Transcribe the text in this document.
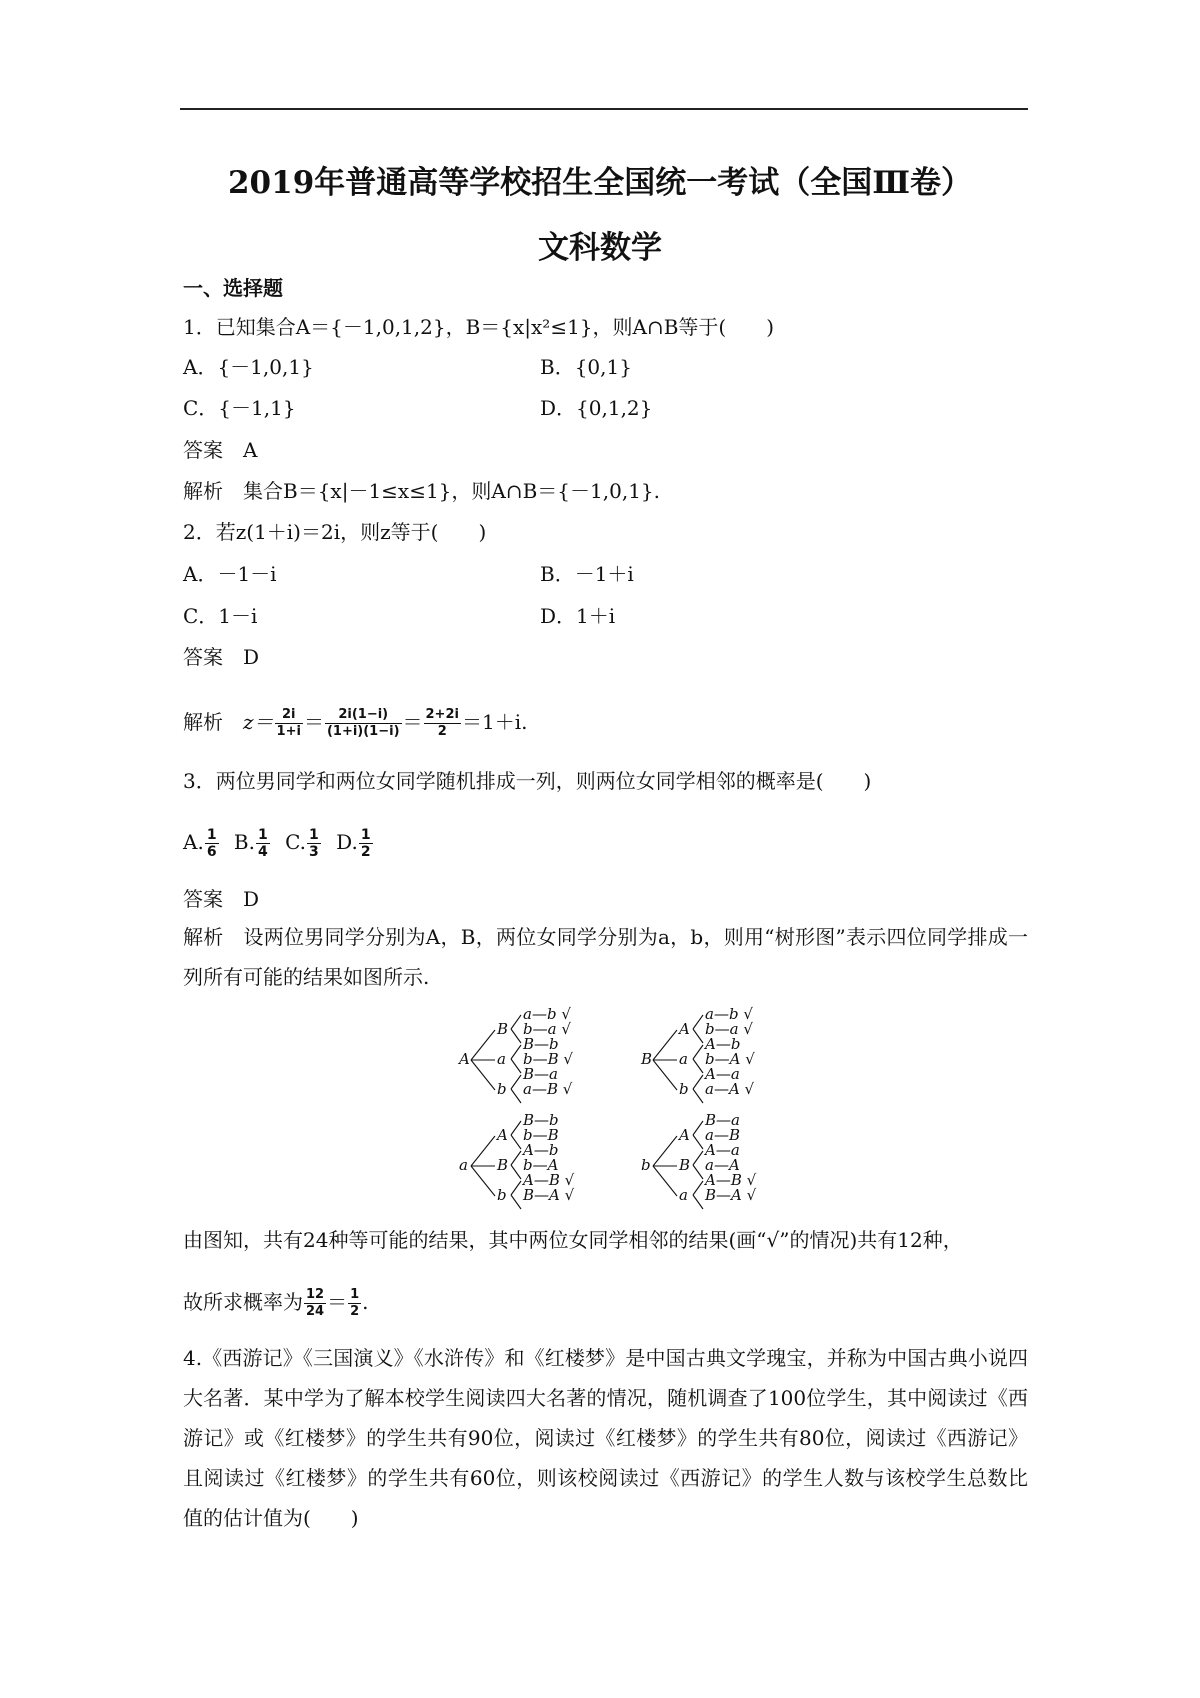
2019年普通高等学校招生全国统一考试（全国Ⅲ卷）
文科数学
一、选择题
1．已知集合A＝{－1,0,1,2}，B＝{x|x²≤1}，则A∩B等于(　　)
A．{－1,0,1}	B．{0,1}
C．{－1,1}	D．{0,1,2}
答案 A
解析 集合B＝{x|－1≤x≤1}，则A∩B＝{－1,0,1}.
2．若z(1＋i)＝2i，则z等于(　　)
A．－1－i	B．－1＋i
C．1－i	D．1＋i
答案 D
解析 $z= \frac{2i}{1+i} = \frac{2i(1-i)}{(1+i)(1-i)} = \frac{2+2i}{2} =1+i$.
3．两位男同学和两位女同学随机排成一列，则两位女同学相邻的概率是(　　)
A. $\frac{1}{6} B$. $\frac{1}{4} C$. $\frac{1}{3} D$. $\frac{1}{2}$
答案 D
解析 设两位男同学分别为A，B，两位女同学分别为a，b，则用“树形图”表示四位同学排成一列所有可能的结果如图所示.
A
B
a
b
a—b √
b—a √
B—b
b—B √
B—a
a—B √
B
A
a
b
a—b √
b—a √
A—b
b—A √
A—a
a—A √
a
A
B
b
B—b
b—B
A—b
b—A
A—B √
B—A √
b
A
B
a
B—a
a—B
A—a
a—A
A—B √
B—A √
由图知，共有24种等可能的结果，其中两位女同学相邻的结果(画“√”的情况)共有12种，
故所求概率为 $\frac{12}{24} = \frac{1}{2}$ .
4.《西游记》《三国演义》《水浒传》和《红楼梦》是中国古典文学瑰宝，并称为中国古典小说四大名著．某中学为了解本校学生阅读四大名著的情况，随机调查了100位学生，其中阅读过《西游记》或《红楼梦》的学生共有90位，阅读过《红楼梦》的学生共有80位，阅读过《西游记》且阅读过《红楼梦》的学生共有60位，则该校阅读过《西游记》的学生人数与该校学生总数比值的估计值为(　　)
